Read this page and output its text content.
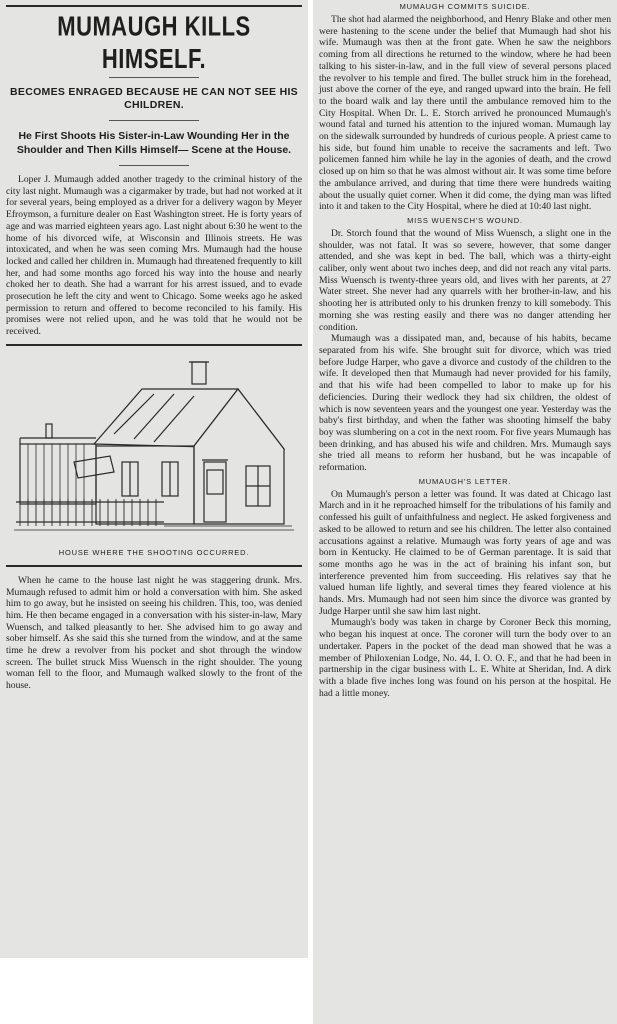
MUMAUGH KILLS HIMSELF.
BECOMES ENRAGED BECAUSE HE CAN NOT SEE HIS CHILDREN.
He First Shoots His Sister-in-Law Wounding Her in the Shoulder and Then Kills Himself— Scene at the House.

Loper J. Mumaugh added another tragedy to the criminal history of the city last night. Mumaugh was a cigarmaker by trade, but had not worked at it for several years, being employed as a driver for a delivery wagon by Meyer Efroymson, a furniture dealer on East Washington street. He is forty years of age and was married eighteen years ago. Last night about 6:30 he went to the home of his divorced wife, at Wisconsin and Illinois streets. He was intoxicated, and when he was seen coming Mrs. Mumaugh had the house locked and called her children in. Mumaugh had threatened frequently to kill her, and had some months ago forced his way into the house and nearly choked her to death. She had a warrant for his arrest issued, and to evade prosecution he left the city and went to Chicago. Some weeks ago he asked permission to return and offered to become reconciled to his family. His promises were not relied upon, and he was told that he would not be received.

HOUSE WHERE THE SHOOTING OCCURRED.

When he came to the house last night he was staggering drunk. Mrs. Mumaugh refused to admit him or hold a conversation with him. She asked him to go away, but he insisted on seeing his children. This, too, was denied him. He then became engaged in a conversation with his sister-in-law, Mary Wuensch, and talked pleasantly to her. She advised him to go away and sober himself. As she said this she turned from the window, and at the same time he drew a revolver from his pocket and shot through the window screen. The bullet struck Miss Wuensch in the right shoulder. The young woman fell to the floor, and Mumaugh walked slowly to the front of the house.

MUMAUGH COMMITS SUICIDE.

The shot had alarmed the neighborhood, and Henry Blake and other men were hastening to the scene under the belief that Mumaugh had shot his wife. Mumaugh was then at the front gate. When he saw the neighbors coming from all directions he returned to the window, where he had been talking to his sister-in-law, and in the full view of several persons placed the revolver to his temple and fired. The bullet struck him in the forehead, just above the corner of the eye, and ranged upward into the brain. He fell to the board walk and lay there until the ambulance removed him to the City Hospital. When Dr. L. E. Storch arrived he pronounced Mumaugh's wound fatal and turned his attention to the injured woman. Mumaugh lay on the sidewalk surrounded by hundreds of curious people. A priest came to his side, but found him unable to receive the sacraments and left. Two policemen fanned him while he lay in the agonies of death, and the crowd closed up on him so that he was almost without air. It was some time before the ambulance arrived, and during that time there were hundreds waiting about the usually quiet corner. When it did come, the dying man was lifted into it and taken to the City Hospital, where he died at 10:40 last night.

MISS WUENSCH'S WOUND.

Dr. Storch found that the wound of Miss Wuensch, a slight one in the shoulder, was not fatal. It was so severe, however, that some danger attended, and she was kept in bed. The ball, which was a thirty-eight caliber, only went about two inches deep, and did not reach any vital parts. Miss Wuensch is twenty-three years old, and lives with her parents, at 27 Water street. She never had any quarrels with her brother-in-law, and his shooting her is attributed only to his drunken frenzy to kill somebody. This morning she was resting easily and there was no danger attending her condition.

Mumaugh was a dissipated man, and, because of his habits, became separated from his wife. She brought suit for divorce, which was tried before Judge Harper, who gave a divorce and custody of the children to the wife. It developed then that Mumaugh had never provided for his family, and that his wife had been compelled to labor to make up for his deficiencies. During their wedlock they had six children, the oldest of which is now seventeen years and the youngest one year. Yesterday was the baby's first birthday, and when the father was shooting himself the baby boy was slumbering on a cot in the next room. For five years Mumaugh has been drinking, and has abused his wife and children. Mrs. Mumaugh says she tried all means to reform her husband, but he was incapable of reformation.

MUMAUGH'S LETTER.

On Mumaugh's person a letter was found. It was dated at Chicago last March and in it he reproached himself for the tribulations of his family and confessed his guilt of unfaithfulness and neglect. He asked forgiveness and asked to be allowed to return and see his children. The letter also contained accusations against a relative. Mumaugh was forty years of age and was born in Kentucky. He claimed to be of German parentage. It is said that some months ago he was in the act of braining his infant son, but interference prevented him from succeeding. His relatives say that he valued human life lightly, and several times they feared violence at his hands. Mrs. Mumaugh had not seen him since the divorce was granted by Judge Harper until she saw him last night.

Mumaugh's body was taken in charge by Coroner Beck this morning, who began his inquest at once. The coroner will turn the body over to an undertaker. Papers in the pocket of the dead man showed that he was a member of Philoxenian Lodge, No. 44, I. O. O. F., and that he had been in partnership in the cigar business with L. E. White at Sheridan, Ind. A dirk with a blade five inches long was found on his person at the hospital. He had a little money.
